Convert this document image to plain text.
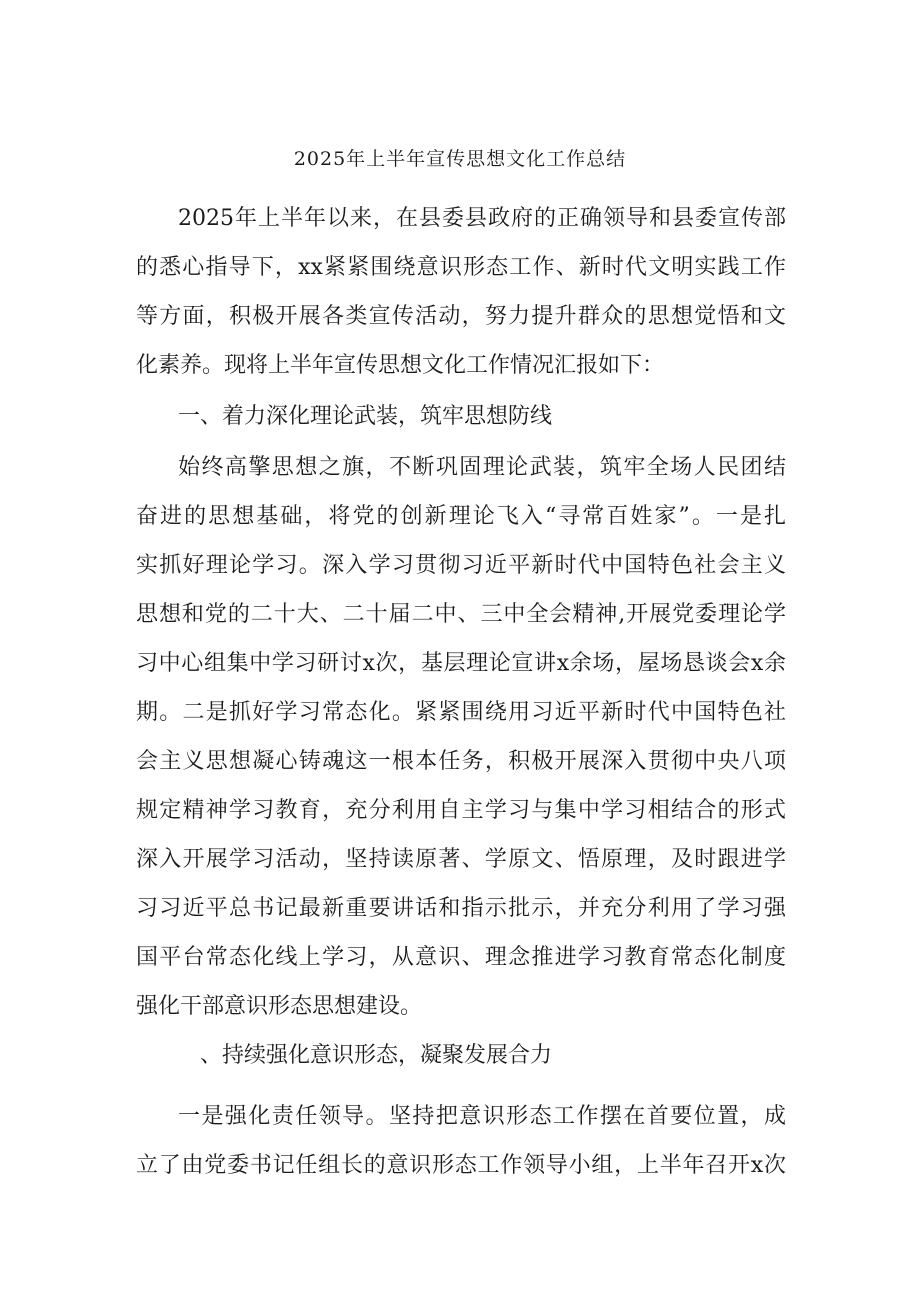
2025年上半年宣传思想文化工作总结
2025年上半年以来，在县委县政府的正确领导和县委宣传部
的悉心指导下，xx紧紧围绕意识形态工作、新时代文明实践工作
等方面，积极开展各类宣传活动，努力提升群众的思想觉悟和文
化素养。现将上半年宣传思想文化工作情况汇报如下：
一、着力深化理论武装，筑牢思想防线
始终高擎思想之旗，不断巩固理论武装，筑牢全场人民团结
奋进的思想基础，将党的创新理论飞入“寻常百姓家”。一是扎
实抓好理论学习。深入学习贯彻习近平新时代中国特色社会主义
思想和党的二十大、二十届二中、三中全会精神,开展党委理论学
习中心组集中学习研讨x次，基层理论宣讲x余场，屋场恳谈会x余
期。二是抓好学习常态化。紧紧围绕用习近平新时代中国特色社
会主义思想凝心铸魂这一根本任务，积极开展深入贯彻中央八项
规定精神学习教育，充分利用自主学习与集中学习相结合的形式
深入开展学习活动，坚持读原著、学原文、悟原理，及时跟进学
习习近平总书记最新重要讲话和指示批示，并充分利用了学习强
国平台常态化线上学习，从意识、理念推进学习教育常态化制度
强化干部意识形态思想建设。
、持续强化意识形态，凝聚发展合力
一是强化责任领导。坚持把意识形态工作摆在首要位置，成
立了由党委书记任组长的意识形态工作领导小组，上半年召开x次
